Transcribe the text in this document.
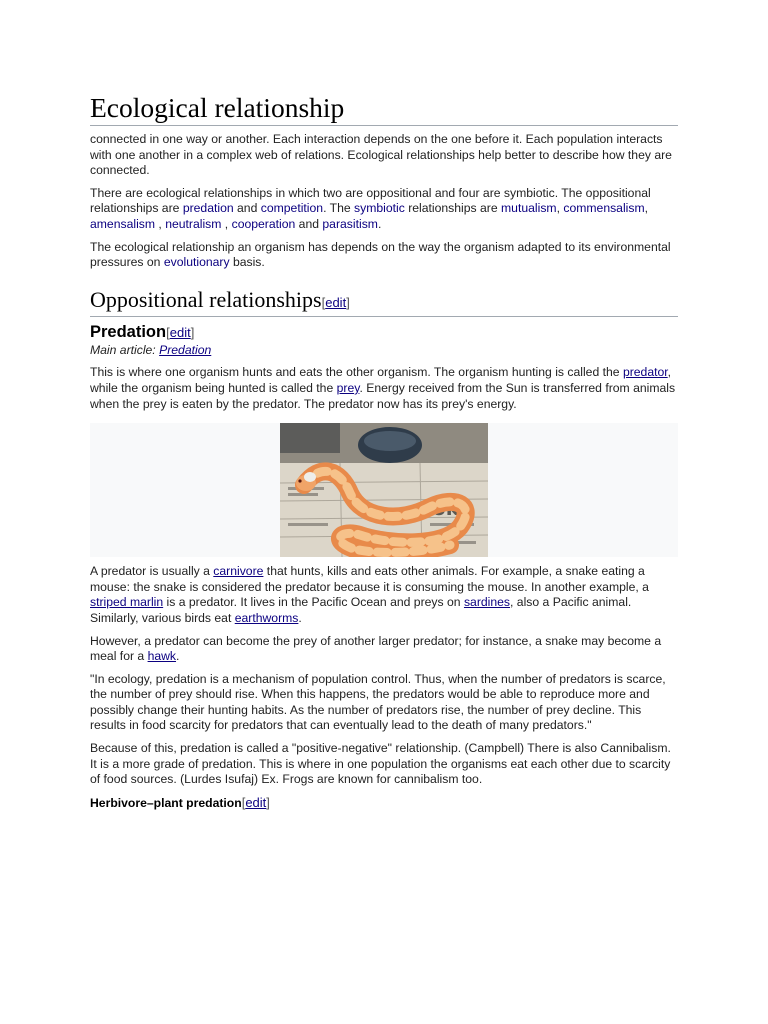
Ecological relationship

connected in one way or another. Each interaction depends on the one before it. Each population interacts with one another in a complex web of relations. Ecological relationships help better to describe how they are connected.

There are ecological relationships in which two are oppositional and four are symbiotic. The oppositional relationships are predation and competition. The symbiotic relationships are mutualism, commensalism, amensalism , neutralism , cooperation and parasitism.

The ecological relationship an organism has depends on the way the organism adapted to its environmental pressures on evolutionary basis.

Oppositional relationships[edit]
Predation[edit]
Main article: Predation

This is where one organism hunts and eats the other organism. The organism hunting is called the predator, while the organism being hunted is called the prey. Energy received from the Sun is transferred from animals when the prey is eaten by the predator. The predator now has its prey's energy.

ok

A predator is usually a carnivore that hunts, kills and eats other animals. For example, a snake eating a mouse: the snake is considered the predator because it is consuming the mouse. In another example, a striped marlin is a predator. It lives in the Pacific Ocean and preys on sardines, also a Pacific animal. Similarly, various birds eat earthworms.

However, a predator can become the prey of another larger predator; for instance, a snake may become a meal for a hawk.

"In ecology, predation is a mechanism of population control. Thus, when the number of predators is scarce, the number of prey should rise. When this happens, the predators would be able to reproduce more and possibly change their hunting habits. As the number of predators rise, the number of prey decline. This results in food scarcity for predators that can eventually lead to the death of many predators."

Because of this, predation is called a "positive-negative" relationship. (Campbell) There is also Cannibalism. It is a more grade of predation. This is where in one population the organisms eat each other due to scarcity of food sources. (Lurdes Isufaj) Ex. Frogs are known for cannibalism too.

Herbivore–plant predation[edit]
